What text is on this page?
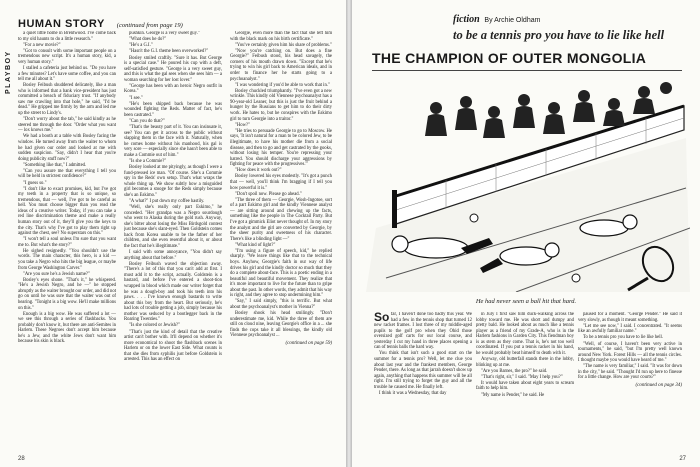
PLAYBOY
HUMAN STORY (continued from page 19)

a quiet little home in Brentwood. I've come back to my old haunts to do a little research."

"For a new movie?"

"Got to consult with some important people on a tremendous new script. It's a human story, kid, a very human story."

I stalled a cafeteria just behind us. "Do you have a few minutes? Let's have some coffee, and you can tell me all about it."

Bosley Feibush shuddered delicately, like a man who is informed that a bank vice-president has just committed a breach of fiduciary trust. "If anybody saw me crawling into that hole," he said, "I'd be dead." He gripped me firmly by the arm and led me up the street to Lindy's.

"Don't worry about the tab," he said kindly as he steered me through the door. "Order what you want — lox knows me."

We had a booth at a table with Bosley facing the window. He turned away from the waiter to whom he had given our order and looked at me with sudden suspicion. "Say, didn't I hear that you're doing publicity stuff now?"

"Something like that," I admitted.

"Can you assure me that everything I tell you will be held in strictest confidence?"

"I guess so."

"I don't like to exact promises, kid, but I've got my teeth in a property that is so unique, so tremendous, that — well, I've got to be careful as hell. You must choose bigger than you read the ideas of a creative writer. Today, if you can take a red line discrimination theme and make a really human story out of it, they'll give you the keys to the city. That's why I've got to play them right up against the chest, see? No superstars on this."

"I won't tell a soul unless I'm sure that you want me to. But what's the story?"

He sighed resignedly. "You shouldn't use the words. The main character, this hero, is a kid — you take a Negro who hits the big league, or maybe from George Washington Carver."

"Are you sure he's a Jewish name?"

Bosley's eyes shone. "That's it," he whispered. "He's a Jewish Negro, and he —" he stopped abruptly as the waiter brought our order, and did not go on until he was sure that the waiter was out of hearing. "Tonight is a big wow. He'll make millions on this."

Enough is a big wow. He was suffered a lot — we see this through a series of flashbacks. You probably don't know it, but there are anti-Semites in Harlem. These Negroes don't accept him because he's a Jew, and the white Jews don't want him because his skin is black.

pushkin. George is a very sweet guy."

"What does he do?"

"He's a G.I."

"Hasn't the G.I. theme been overworked?"

Bosley smiled craftily. "Sure it has. But George is a special case." He poured his cup with a deft, self-satisfied gesture. "George is a very sweet guy, and this is what the gal sees when she sees him — a woman searching for her lost lover."

"George has been with an heroic Negro outfit in Korea."

"I see."

"He's been shipped back because he was wounded fighting the Reds. Matter of fact, he's been castrated."

"Can you do that?"

"That's the beauty part of it. You can insinuate it, see? You can get it across to the public without slapping them in the face with it. Naturally, when he comes home without his manhood, his gal is very sore — especially since she hasn't been able to make a Commie out of him."

"Is she a Commie?"

Bosley looked at me pityingly, as though I were a fund-pressed ice man. "Of course. She's a Commie spy in the Reds' own setup. That's what wraps the whole thing up. We show subtly how a misguided girl becomes a stooge for the Reds simply because she's an Eskimo."

"A what?" I put down my coffee hastily.

"Well, she's really only part Eskimo," he conceded. "Her grandpa was a Negro sourdough who went to Alaska during the gold rush. Anyway, she's bitter about losing the Miss Birdsgold contest just because she's slant-eyed. Then Goldstein comes back from Korea unable to be the father of her children, and she even resentful about it, or about the fact that he's illegitimate."

I said with some annoyance, "You didn't say anything about that before."

Bosley Feibush waved the objection away. "There's a lot of this that you can't add at first. I must add it to the script, actually. Goldstein is a bastard, and before I've entered a shoot-tion wrapped in blood which made our writer forget that he was a dough-boy and took his teeth into his paws. . . . I've known enough bastards to write about this boy from the heart. But seriously, he's had lots of trouble getting a job, simply because his mother was seduced by a bootlegger back in the Roaring Twenties."

"Is she colored or Jewish?"

"That's just the kind of detail that the creative artist can't bother with. It'll depend on whether it's more economical to shoot the flashback scenes in Harlem or on the lower East Side. What counts is that she dies from syphilis just before Goldstein is arrested. This has an effect on

Georgie, even more than the fact that she left him with the black mark on his birth certificate."

"You've certainly given him his share of problems."

"Now you're catching on. But does a fine Georgie?" Feibush stood, his head savagely, the corners of his mouth drawn down. "Except that he's trying to win his girl back to American ideals, and in order to finance her he starts going to a psychoanalyst."

"I was wondering if you'd be able to work that in."

Bosley chuckled triumphantly. "I've even got a new wrinkle. This kindly old Viennese psychoanalyst has a 90-year-old Leaner, but this is just the fruit behind a hunger by the Russians to get him to do their dirty work. He hates to, but he conspires with the Eskimo girl to turn Georgie into a traitor."

"How?"

"He tries to persuade Georgie to go to Moscow. He says, 'It isn't natural for a man to be colored Jew, to be illegitimate, to have his mother die from a social disease, and then to go and get castrated by the gooks, without losing his temper. You're repressing your hatred. You should discharge your aggressions by fighting for peace with the progressives.'"

"How does it work out?"

Bosley lowered his eyes modestly. "It's got a punch that — well, you'll think I'm bragging if I tell you how powerful it is."

"Don't spoil now. Please go ahead."

"The three of them — Georgie, Wosh-Ingotoe, sort of a part Eskimo girl and the kindly Viennese analyst — are sitting around and chewing up the facts, something like the people in The Cocktail Party. But I've got a gimmick Eliot never thought of. In my story the analyst and the girl are converted by Georgie, by the sheer purity and sweetness of his character. There's like a blinding light —"

"What kind of light?"

"I'm using a figure of speech, kid," he replied sharply. "We leave things like that to the technical boys. Anyhow, Georgie's faith in our way of life drives his girl and the kindly doctor so much that they do a complete about-face. This is a poetic ending in a beautiful and beautiful movement. They realize that it's more important to live for the future than to gripe about the past. In other words, they admit that his way is right, and they agree to stop undermining him."

"Say," I said simply, "this is terrific. But what about the psychoanalyst's mother in Vienna?"

Bosley shook his head smilingly. "Don't underestimate me, kid. While the three of them are still on cloud nine, leaving Georgie's office in a ... she finds the cops take it all blessings, the kindly old Viennese psychoanalyst ...

(continued on page 59)
28
fiction By Archie Oldham
to be a tennis pro you have to lie like hell
THE CHAMPION OF OUTER MONGOLIA
He had never seen a ball hit that hard.

So far, I haven't done too badly this year. We had a few in the tennis shop that turned 12 new racket frames. I lost three of my middle-aged pupils to the golf pro when they Ohid those oversized golf carts for our local course, and yesterday I cut my hand in three places opening a can of tennis balls the hard way.

You think that isn't such a good start on the summer for a tennis pro? Well, let me clue you about last year and the frankest members, George Pender, there. As long as that jarrah doesn't show up again, anything that happens this summer will be all right. I'm still trying to forget the guy and all the trouble he caused me. He finally left.

I think it was a Wednesday, that day

in July I first saw him duck-walking across the lobby toward me. He was short and dumpy and pretty bald. He looked about as much like a tennis player as a friend of my Grade-A, who is in the Harlem fashions in Garden City. This fiendman boy is as stern as they come. That is, he's not too well coordinated. If you put a tennis racket in his hand, he would probably beat himself to death with it.

Anyway, old butterfall stands there in the lobby, blinking up at me.

"Are you Barnes, the pro?" he said.

"That's right, sir," I said. "May I help you?"

It would have taken about eight years to scream faith to help him.

"My name is Pender," he said. He

paused for a moment. "George Pender." He said it very slowly, as though it meant something.

"Let me see now," I said. I concentrated. "It seems like an awfully familiar name."

To be a tennis pro you have to lie like hell.

"Well, of course, I haven't been very active in tournaments," he said, "but I'm pretty well known around New York. Forest Hills — all the tennis circles. I thought maybe you would have heard of me."

"The name is very familiar," I said. "It was for down in the city," he said. "Thought I'd run up here to finesse for a little change. How are your courts?"

(continued on page 34)
27
